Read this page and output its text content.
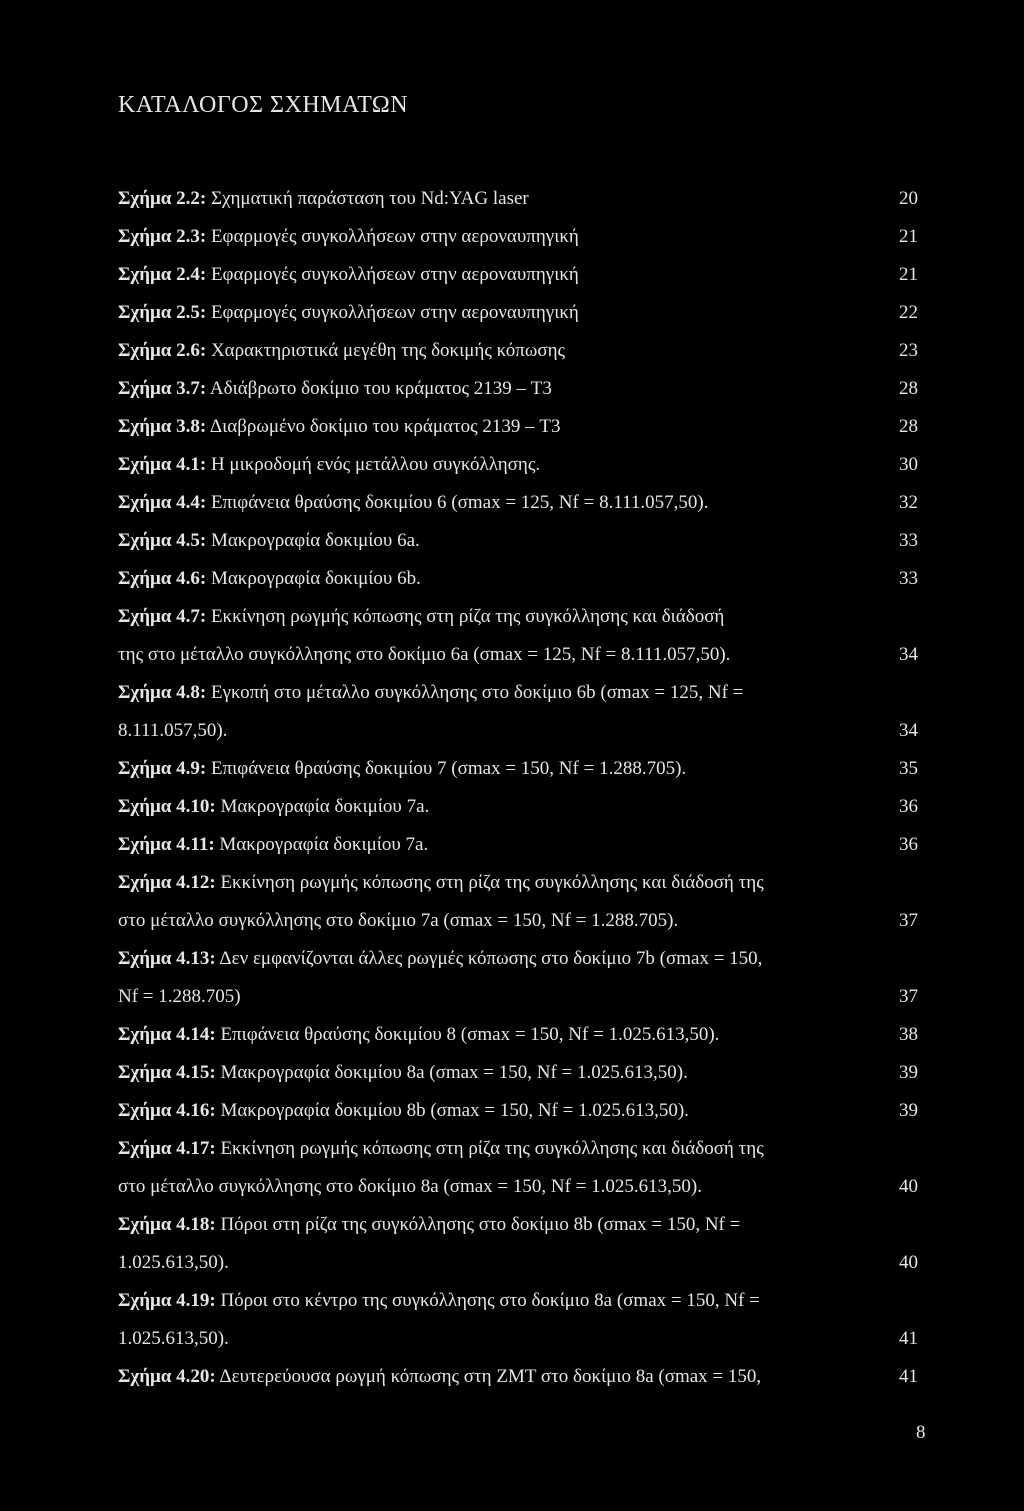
ΚΑΤΑΛΟΓΟΣ ΣΧΗΜΑΤΩΝ
Σχήμα 2.2: Σχηματική παράσταση του Nd:YAG laser	20
Σχήμα 2.3: Εφαρμογές συγκολλήσεων στην αεροναυπηγική	21
Σχήμα 2.4: Εφαρμογές συγκολλήσεων στην αεροναυπηγική	21
Σχήμα 2.5: Εφαρμογές συγκολλήσεων στην αεροναυπηγική	22
Σχήμα 2.6: Χαρακτηριστικά μεγέθη της δοκιμής κόπωσης	23
Σχήμα 3.7: Αδιάβρωτο δοκίμιο του κράματος 2139 – T3	28
Σχήμα 3.8: Διαβρωμένο δοκίμιο του κράματος 2139 – T3	28
Σχήμα 4.1: Η μικροδομή ενός μετάλλου συγκόλλησης.	30
Σχήμα 4.4: Επιφάνεια θραύσης δοκιμίου 6 (σmax = 125, Nf = 8.111.057,50).	32
Σχήμα 4.5: Μακρογραφία δοκιμίου 6a.	33
Σχήμα 4.6: Μακρογραφία δοκιμίου 6b.	33
Σχήμα 4.7: Εκκίνηση ρωγμής κόπωσης στη ρίζα της συγκόλλησης και διάδοσή
της στο μέταλλο συγκόλλησης στο δοκίμιο 6a (σmax = 125, Nf = 8.111.057,50).	34
Σχήμα 4.8: Εγκοπή στο μέταλλο συγκόλλησης στο δοκίμιο 6b (σmax = 125, Nf =
8.111.057,50).	34
Σχήμα 4.9: Επιφάνεια θραύσης δοκιμίου 7 (σmax = 150, Nf = 1.288.705).	35
Σχήμα 4.10: Μακρογραφία δοκιμίου 7a.	36
Σχήμα 4.11: Μακρογραφία δοκιμίου 7a.	36
Σχήμα 4.12: Εκκίνηση ρωγμής κόπωσης στη ρίζα της συγκόλλησης και διάδοσή της
στο μέταλλο συγκόλλησης στο δοκίμιο 7a (σmax = 150, Nf = 1.288.705).	37
Σχήμα 4.13: Δεν εμφανίζονται άλλες ρωγμές κόπωσης στο δοκίμιο 7b (σmax = 150,
Nf = 1.288.705)	37
Σχήμα 4.14: Επιφάνεια θραύσης δοκιμίου 8 (σmax = 150, Nf = 1.025.613,50).	38
Σχήμα 4.15: Μακρογραφία δοκιμίου 8a (σmax = 150, Nf = 1.025.613,50).	39
Σχήμα 4.16: Μακρογραφία δοκιμίου 8b (σmax = 150, Nf = 1.025.613,50).	39
Σχήμα 4.17: Εκκίνηση ρωγμής κόπωσης στη ρίζα της συγκόλλησης και διάδοσή της
στο μέταλλο συγκόλλησης στο δοκίμιο 8a (σmax = 150, Nf = 1.025.613,50).	40
Σχήμα 4.18: Πόροι στη ρίζα της συγκόλλησης στο δοκίμιο 8b (σmax = 150, Nf =
1.025.613,50).	40
Σχήμα 4.19: Πόροι στο κέντρο της συγκόλλησης στο δοκίμιο 8a (σmax = 150, Nf =
1.025.613,50).	41
Σχήμα 4.20: Δευτερεύουσα ρωγμή κόπωσης στη ZMT στο δοκίμιο 8a (σmax = 150,	41
8
